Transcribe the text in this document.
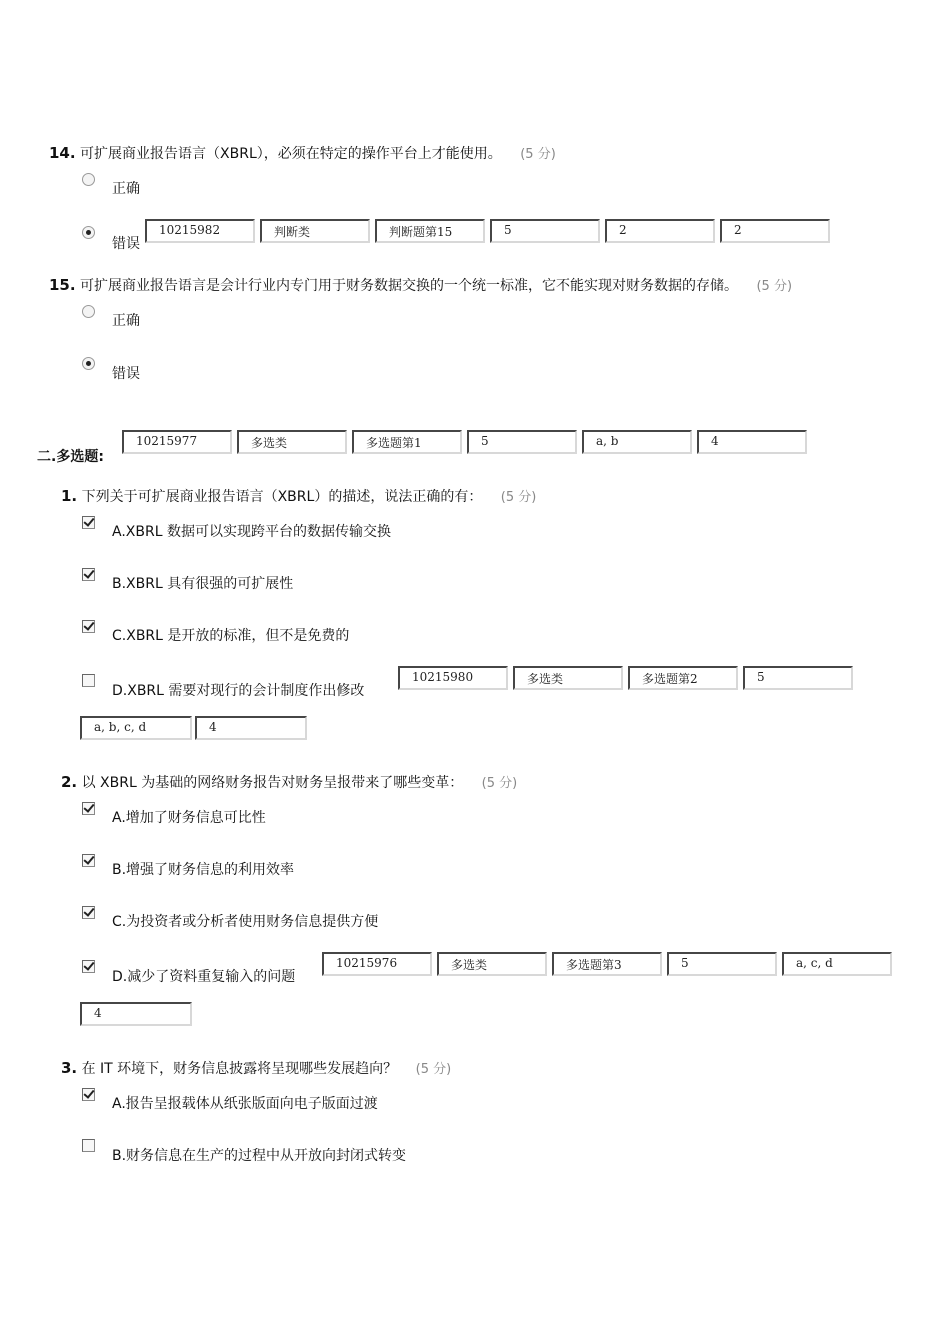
14. 可扩展商业报告语言（XBRL），必须在特定的操作平台上才能使用。 (5 分)
正确
错误
10215982	判断类	判断题第15	5	2	2
15. 可扩展商业报告语言是会计行业内专门用于财务数据交换的一个统一标准，它不能实现对财务数据的存储。 (5 分)
正确
错误
二.多选题:
10215977	多选类	多选题第1	5	a, b	4
1. 下列关于可扩展商业报告语言（XBRL）的描述，说法正确的有： (5 分)
A.XBRL 数据可以实现跨平台的数据传输交换
B.XBRL 具有很强的可扩展性
C.XBRL 是开放的标准，但不是免费的
D.XBRL 需要对现行的会计制度作出修改
10215980	多选类	多选题第2	5
a, b, c, d	4
2. 以 XBRL 为基础的网络财务报告对财务呈报带来了哪些变革： (5 分)
A.增加了财务信息可比性
B.增强了财务信息的利用效率
C.为投资者或分析者使用财务信息提供方便
D.减少了资料重复输入的问题
10215976	多选类	多选题第3	5	a, c, d
4
3. 在 IT 环境下，财务信息披露将呈现哪些发展趋向？ (5 分)
A.报告呈报载体从纸张版面向电子版面过渡
B.财务信息在生产的过程中从开放向封闭式转变
